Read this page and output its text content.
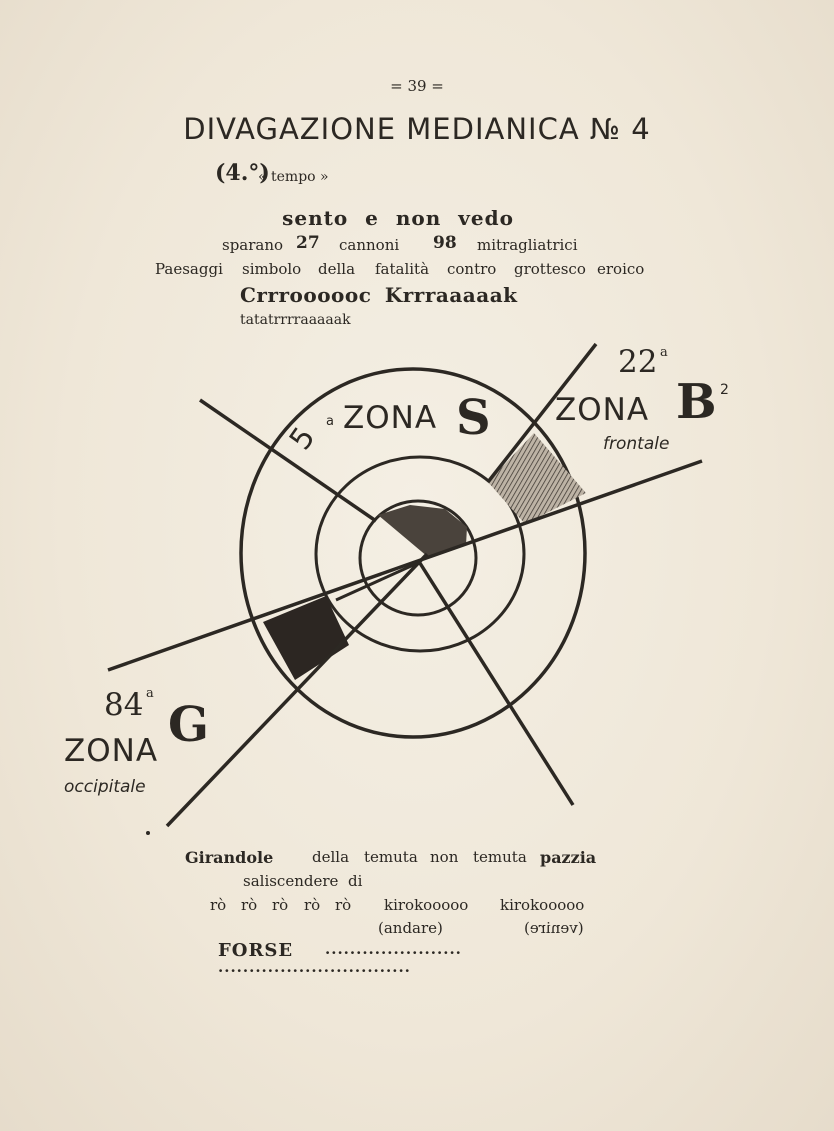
= 39 =
DIVAGAZIONE MEDIANICA № 4
(4.°)
« tempo »
sento e non vedo
sparano 27 cannoni 98 mitragliatrici
Paesaggi simbolo della fatalità contro grottesco eroico
Crrroooooc Krrraaaaak
tatatrrrraaaaak
5 a ZONA S
22 a
ZONA B 2
frontale
84 a
ZONA G
occipitale
Girandole	della temuta non temuta pazzia
saliscendere di
rò rò rò rò rò kirokooooo kirokooooo
(andare)	(venire)
FORSE ......................
...............................
